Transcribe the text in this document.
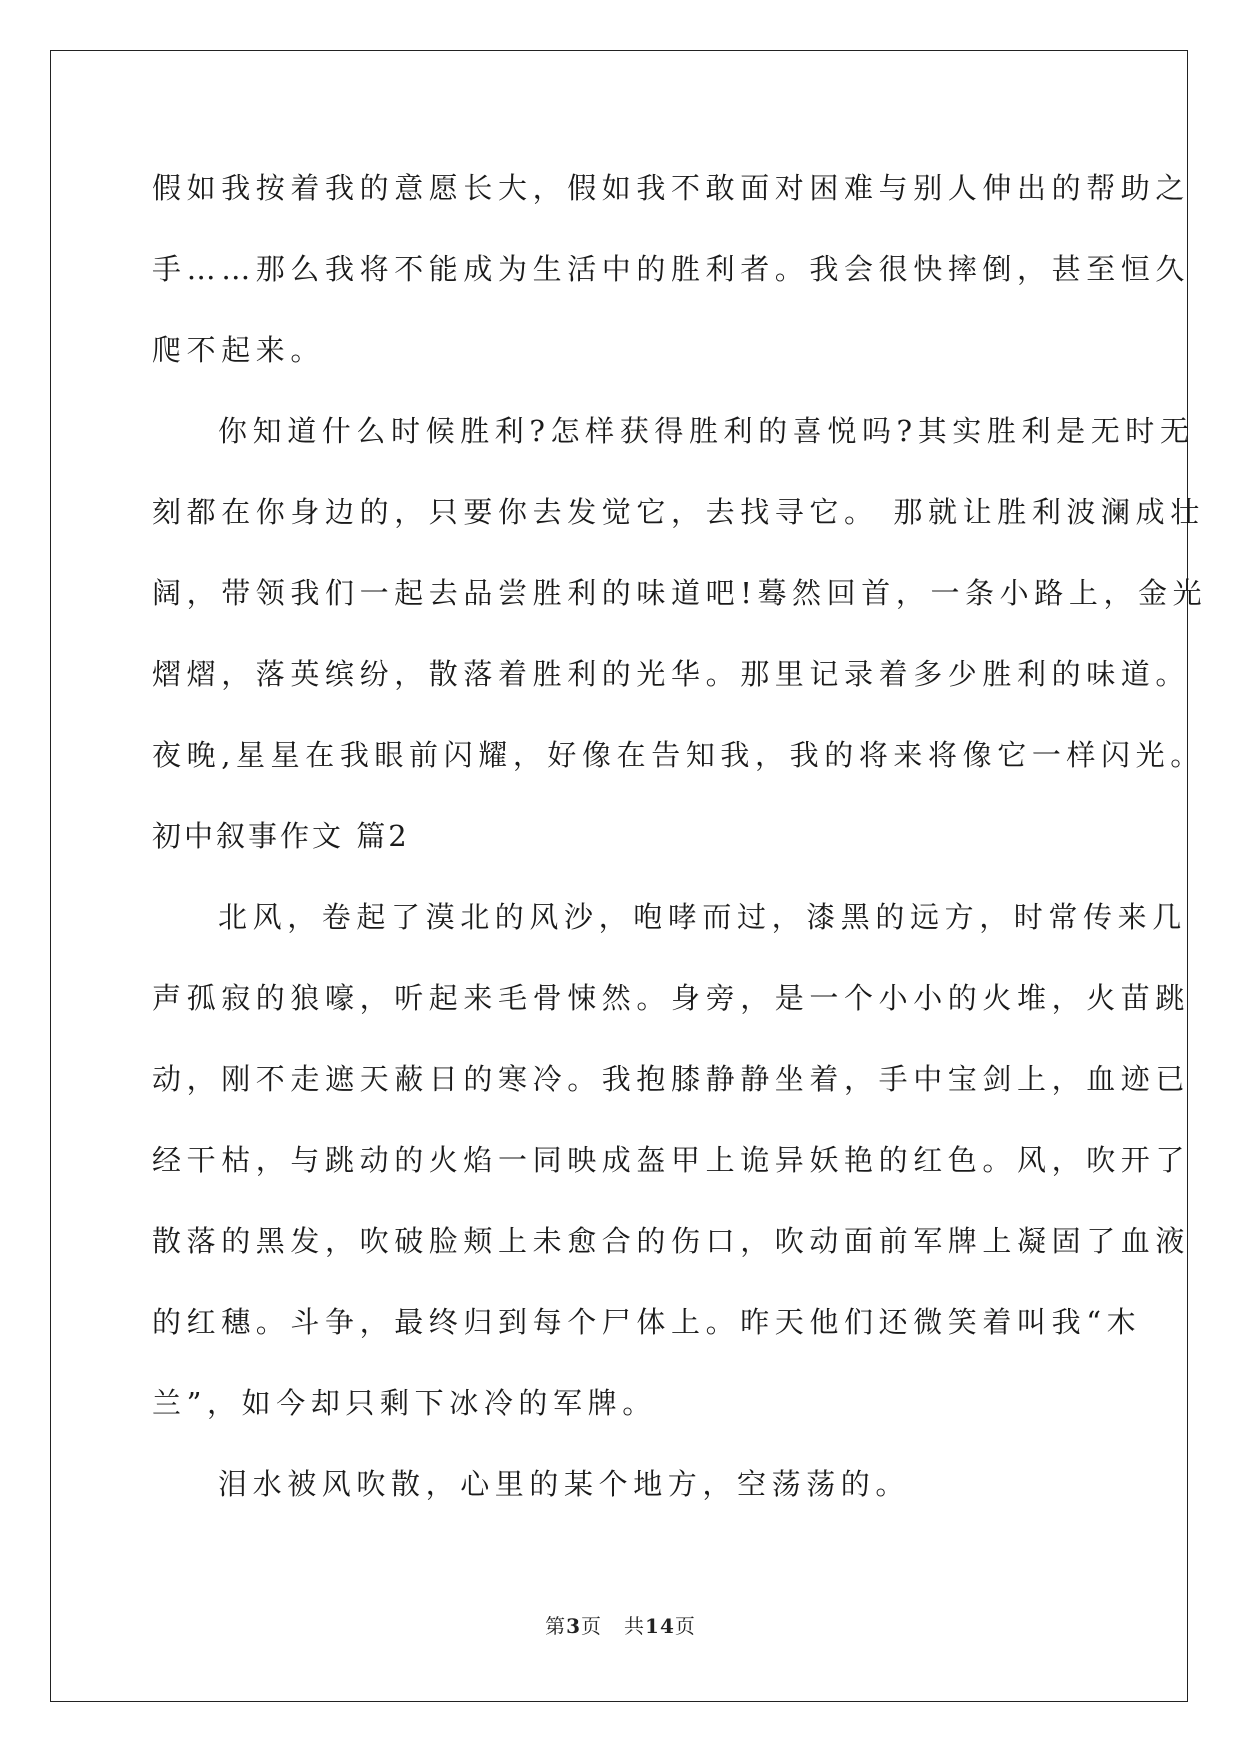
假如我按着我的意愿长大，假如我不敢面对困难与别人伸出的帮助之
手……那么我将不能成为生活中的胜利者。我会很快摔倒，甚至恒久
爬不起来。
你知道什么时候胜利?怎样获得胜利的喜悦吗?其实胜利是无时无
刻都在你身边的，只要你去发觉它，去找寻它。 那就让胜利波澜成壮
阔，带领我们一起去品尝胜利的味道吧!蓦然回首，一条小路上，金光
熠熠，落英缤纷，散落着胜利的光华。那里记录着多少胜利的味道。
夜晚,星星在我眼前闪耀，好像在告知我，我的将来将像它一样闪光。
初中叙事作文 篇2
北风，卷起了漠北的风沙，咆哮而过，漆黑的远方，时常传来几
声孤寂的狼嚎，听起来毛骨悚然。身旁，是一个小小的火堆，火苗跳
动，刚不走遮天蔽日的寒冷。我抱膝静静坐着，手中宝剑上，血迹已
经干枯，与跳动的火焰一同映成盔甲上诡异妖艳的红色。风，吹开了
散落的黑发，吹破脸颊上未愈合的伤口，吹动面前军牌上凝固了血液
的红穗。斗争，最终归到每个尸体上。昨天他们还微笑着叫我“木
兰”，如今却只剩下冰冷的军牌。
泪水被风吹散，心里的某个地方，空荡荡的。
第3页 共14页
